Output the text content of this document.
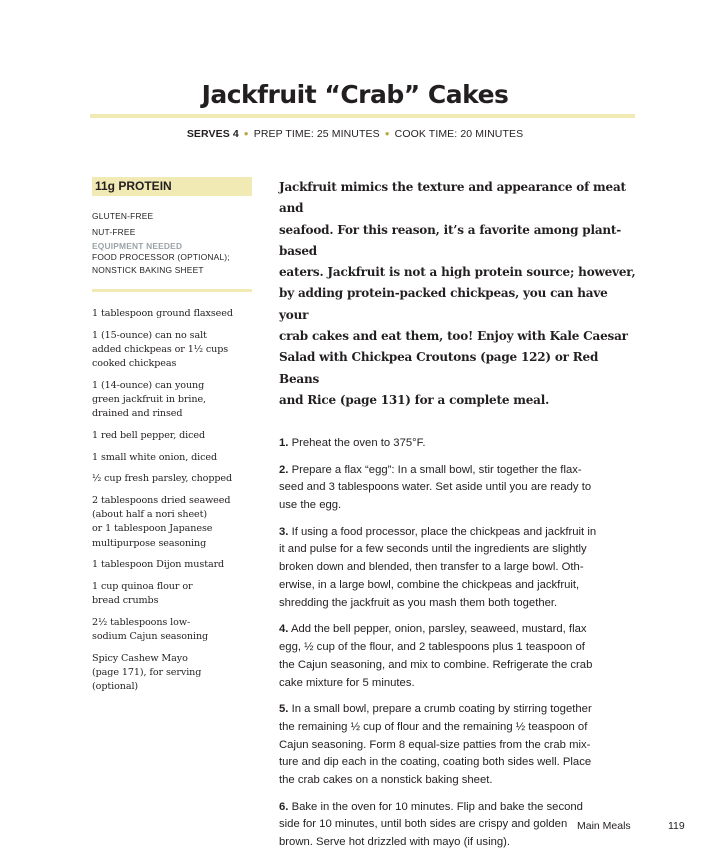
Jackfruit “Crab” Cakes
SERVES 4 ● PREP TIME: 25 MINUTES ● COOK TIME: 20 MINUTES
11g PROTEIN
GLUTEN-FREE
NUT-FREE
EQUIPMENT NEEDED
FOOD PROCESSOR (OPTIONAL);
NONSTICK BAKING SHEET
1 tablespoon ground flaxseed
1 (15-ounce) can no salt
added chickpeas or 1½ cups
cooked chickpeas
1 (14-ounce) can young
green jackfruit in brine,
drained and rinsed
1 red bell pepper, diced
1 small white onion, diced
½ cup fresh parsley, chopped
2 tablespoons dried seaweed
(about half a nori sheet)
or 1 tablespoon Japanese
multipurpose seasoning
1 tablespoon Dijon mustard
1 cup quinoa flour or
bread crumbs
2½ tablespoons low-
sodium Cajun seasoning
Spicy Cashew Mayo
(page 171), for serving
(optional)
Jackfruit mimics the texture and appearance of meat and
seafood. For this reason, it’s a favorite among plant-based
eaters. Jackfruit is not a high protein source; however,
by adding protein-packed chickpeas, you can have your
crab cakes and eat them, too! Enjoy with Kale Caesar
Salad with Chickpea Croutons (page 122) or Red Beans
and Rice (page 131) for a complete meal.
1. Preheat the oven to 375°F.
2. Prepare a flax “egg”: In a small bowl, stir together the flax-
seed and 3 tablespoons water. Set aside until you are ready to
use the egg.
3. If using a food processor, place the chickpeas and jackfruit in
it and pulse for a few seconds until the ingredients are slightly
broken down and blended, then transfer to a large bowl. Oth-
erwise, in a large bowl, combine the chickpeas and jackfruit,
shredding the jackfruit as you mash them both together.
4. Add the bell pepper, onion, parsley, seaweed, mustard, flax
egg, ½ cup of the flour, and 2 tablespoons plus 1 teaspoon of
the Cajun seasoning, and mix to combine. Refrigerate the crab
cake mixture for 5 minutes.
5. In a small bowl, prepare a crumb coating by stirring together
the remaining ½ cup of flour and the remaining ½ teaspoon of
Cajun seasoning. Form 8 equal-size patties from the crab mix-
ture and dip each in the coating, coating both sides well. Place
the crab cakes on a nonstick baking sheet.
6. Bake in the oven for 10 minutes. Flip and bake the second
side for 10 minutes, until both sides are crispy and golden
brown. Serve hot drizzled with mayo (if using).
Main Meals	119
